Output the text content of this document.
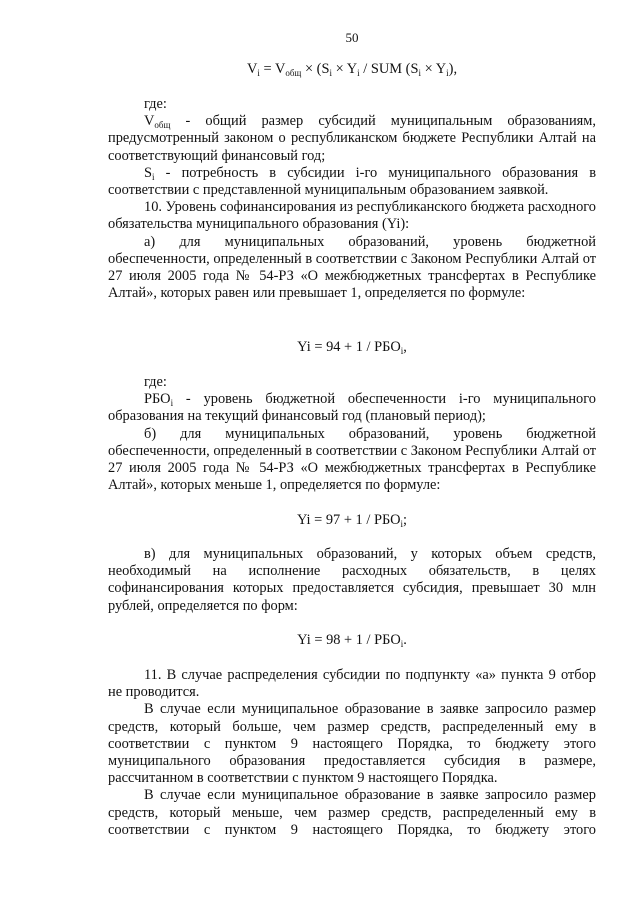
50
$V_i = V_{общ} \times (S_i \times Y_i$ / SUM $(S_i \times Y_i)$,

где:

$V_{общ}$ - общий размер субсидий муниципальным образованиям, предусмотренный законом о республиканском бюджете Республики Алтай на соответствующий финансовый год;

$S_i$ - потребность в субсидии i-го муниципального образования в соответствии с представленной муниципальным образованием заявкой.

10. Уровень софинансирования из республиканского бюджета расходного обязательства муниципального образования (Yi):

а) для муниципальных образований, уровень бюджетной обеспеченности, определенный в соответствии с Законом Республики Алтай от 27 июля 2005 года № 54-РЗ «О межбюджетных трансфертах в Республике Алтай», которых равен или превышает 1, определяется по формуле:

$Yi = 94 + 1 / РБО_i$,

где:

$РБО_i$ - уровень бюджетной обеспеченности i-го муниципального образования на текущий финансовый год (плановый период);

б) для муниципальных образований, уровень бюджетной обеспеченности, определенный в соответствии с Законом Республики Алтай от 27 июля 2005 года № 54-РЗ «О межбюджетных трансфертах в Республике Алтай», которых меньше 1, определяется по формуле:

$Yi = 97 + 1 / РБО_i$;

в) для муниципальных образований, у которых объем средств, необходимый на исполнение расходных обязательств, в целях софинансирования которых предоставляется субсидия, превышает 30 млн рублей, определяется по форм:

$Yi = 98 + 1 / РБО_i$.

11. В случае распределения субсидии по подпункту «а» пункта 9 отбор не проводится.

В случае если муниципальное образование в заявке запросило размер средств, который больше, чем размер средств, распределенный ему в соответствии с пунктом 9 настоящего Порядка, то бюджету этого муниципального образования предоставляется субсидия в размере, рассчитанном в соответствии с пунктом 9 настоящего Порядка.

В случае если муниципальное образование в заявке запросило размер средств, который меньше, чем размер средств, распределенный ему в соответствии с пунктом 9 настоящего Порядка, то бюджету этого
